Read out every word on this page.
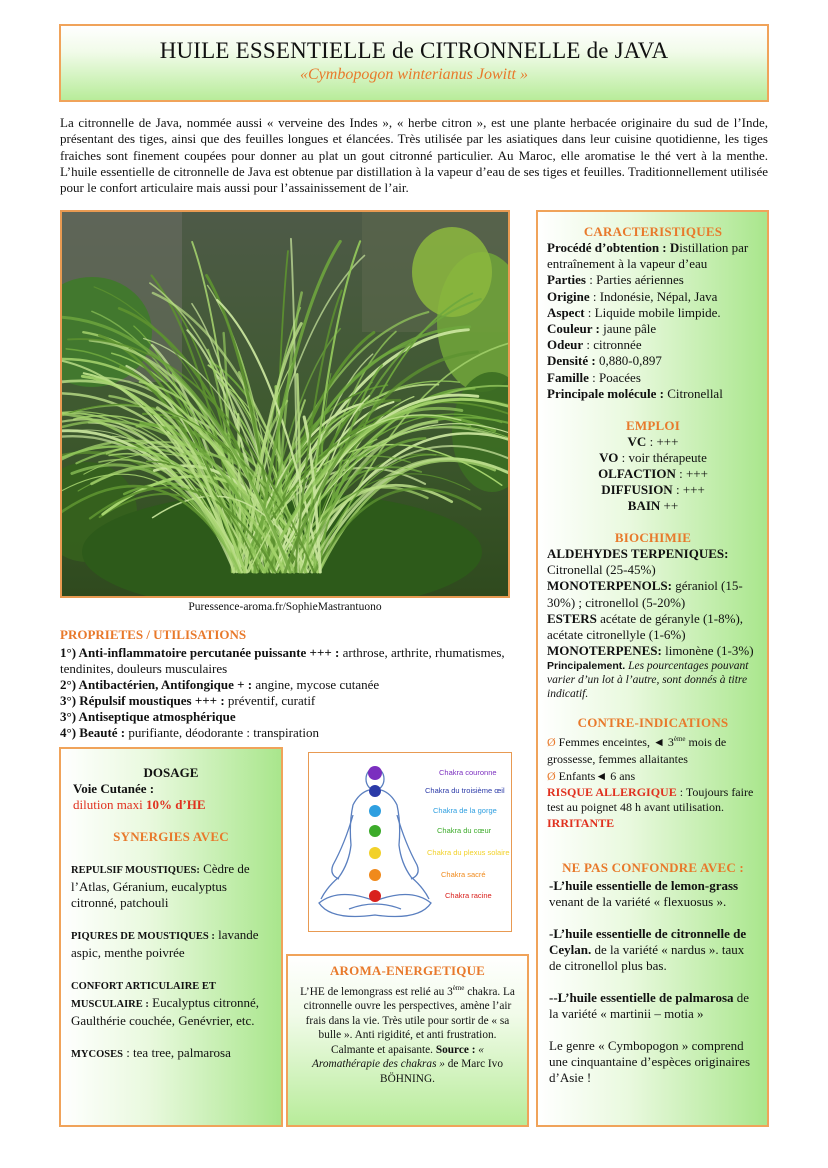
HUILE ESSENTIELLE de CITRONNELLE de JAVA
«Cymbopogon winterianus Jowitt »
La citronnelle de Java, nommée aussi « verveine des Indes », « herbe citron », est une plante herbacée originaire du sud de l’Inde, présentant des tiges, ainsi que des feuilles longues et élancées. Très utilisée par les asiatiques dans leur cuisine quotidienne, les tiges fraiches sont finement coupées pour donner au plat un gout citronné particulier. Au Maroc, elle aromatise le thé vert à la menthe. L’huile essentielle de citronnelle de Java est obtenue par distillation à la vapeur d’eau de ses tiges et feuilles. Traditionnellement utilisée pour le confort articulaire mais aussi pour l’assainissement de l’air.
Puressence-aroma.fr/SophieMastrantuono
PROPRIETES / UTILISATIONS

1°) Anti-inflammatoire percutanée puissante +++ : arthrose, arthrite, rhumatismes, tendinites, douleurs musculaires

2°) Antibactérien, Antifongique + : angine, mycose cutanée

3°) Répulsif moustiques +++ : préventif, curatif

3°) Antiseptique atmosphérique

4°) Beauté : purifiante, déodorante : transpiration

DOSAGE

Voie Cutanée :

dilution maxi 10% d’HE

SYNERGIES AVEC

REPULSIF MOUSTIQUES: Cèdre de l’Atlas, Géranium, eucalyptus citronné, patchouli

PIQURES DE MOUSTIQUES : lavande aspic, menthe poivrée

CONFORT ARTICULAIRE ET MUSCULAIRE : Eucalyptus citronné, Gaulthérie couchée, Genévrier, etc.

MYCOSES : tea tree, palmarosa

Chakra couronne
Chakra du troisième œil
Chakra de la gorge
Chakra du cœur
Chakra du plexus solaire
Chakra sacré
Chakra racine
AROMA-ENERGETIQUE
L’HE de lemongrass est relié au 3ème chakra. La citronnelle ouvre les perspectives, amène l’air frais dans la vie. Très utile pour sortir de « sa bulle ». Anti rigidité, et anti frustration. Calmante et apaisante. Source : « Aromathérapie des chakras » de Marc Ivo BÖHNING.
CARACTERISTIQUES

Procédé d’obtention : Distillation par entraînement à la vapeur d’eau

Parties : Parties aériennes

Origine : Indonésie, Népal, Java

Aspect : Liquide mobile limpide.

Couleur : jaune pâle

Odeur : citronnée

Densité : 0,880-0,897

Famille : Poacées

Principale molécule : Citronellal

EMPLOI

VC : +++

VO : voir thérapeute

OLFACTION : +++

DIFFUSION : +++

BAIN ++

BIOCHIMIE

ALDEHYDES TERPENIQUES: Citronellal (25-45%)

MONOTERPENOLS: géraniol (15-30%) ; citronellol (5-20%)

ESTERS acétate de géranyle (1-8%), acétate citronellyle (1-6%)

MONOTERPENES: limonène (1-3%)

Principalement. Les pourcentages pouvant varier d’un lot à l’autre, sont donnés à titre indicatif.

CONTRE-INDICATIONS

Ø Femmes enceintes, ◄ 3ème mois de grossesse, femmes allaitantes

Ø Enfants◄ 6 ans

RISQUE ALLERGIQUE : Toujours faire test au poignet 48 h avant utilisation.

IRRITANTE

NE PAS CONFONDRE AVEC :

-L’huile essentielle de lemon-grass venant de la variété « flexuosus ».

-L’huile essentielle de citronnelle de Ceylan. de la variété « nardus ». taux de citronellol plus bas.

--L’huile essentielle de palmarosa de la variété « martinii – motia »

Le genre « Cymbopogon » comprend une cinquantaine d’espèces originaires d’Asie !
